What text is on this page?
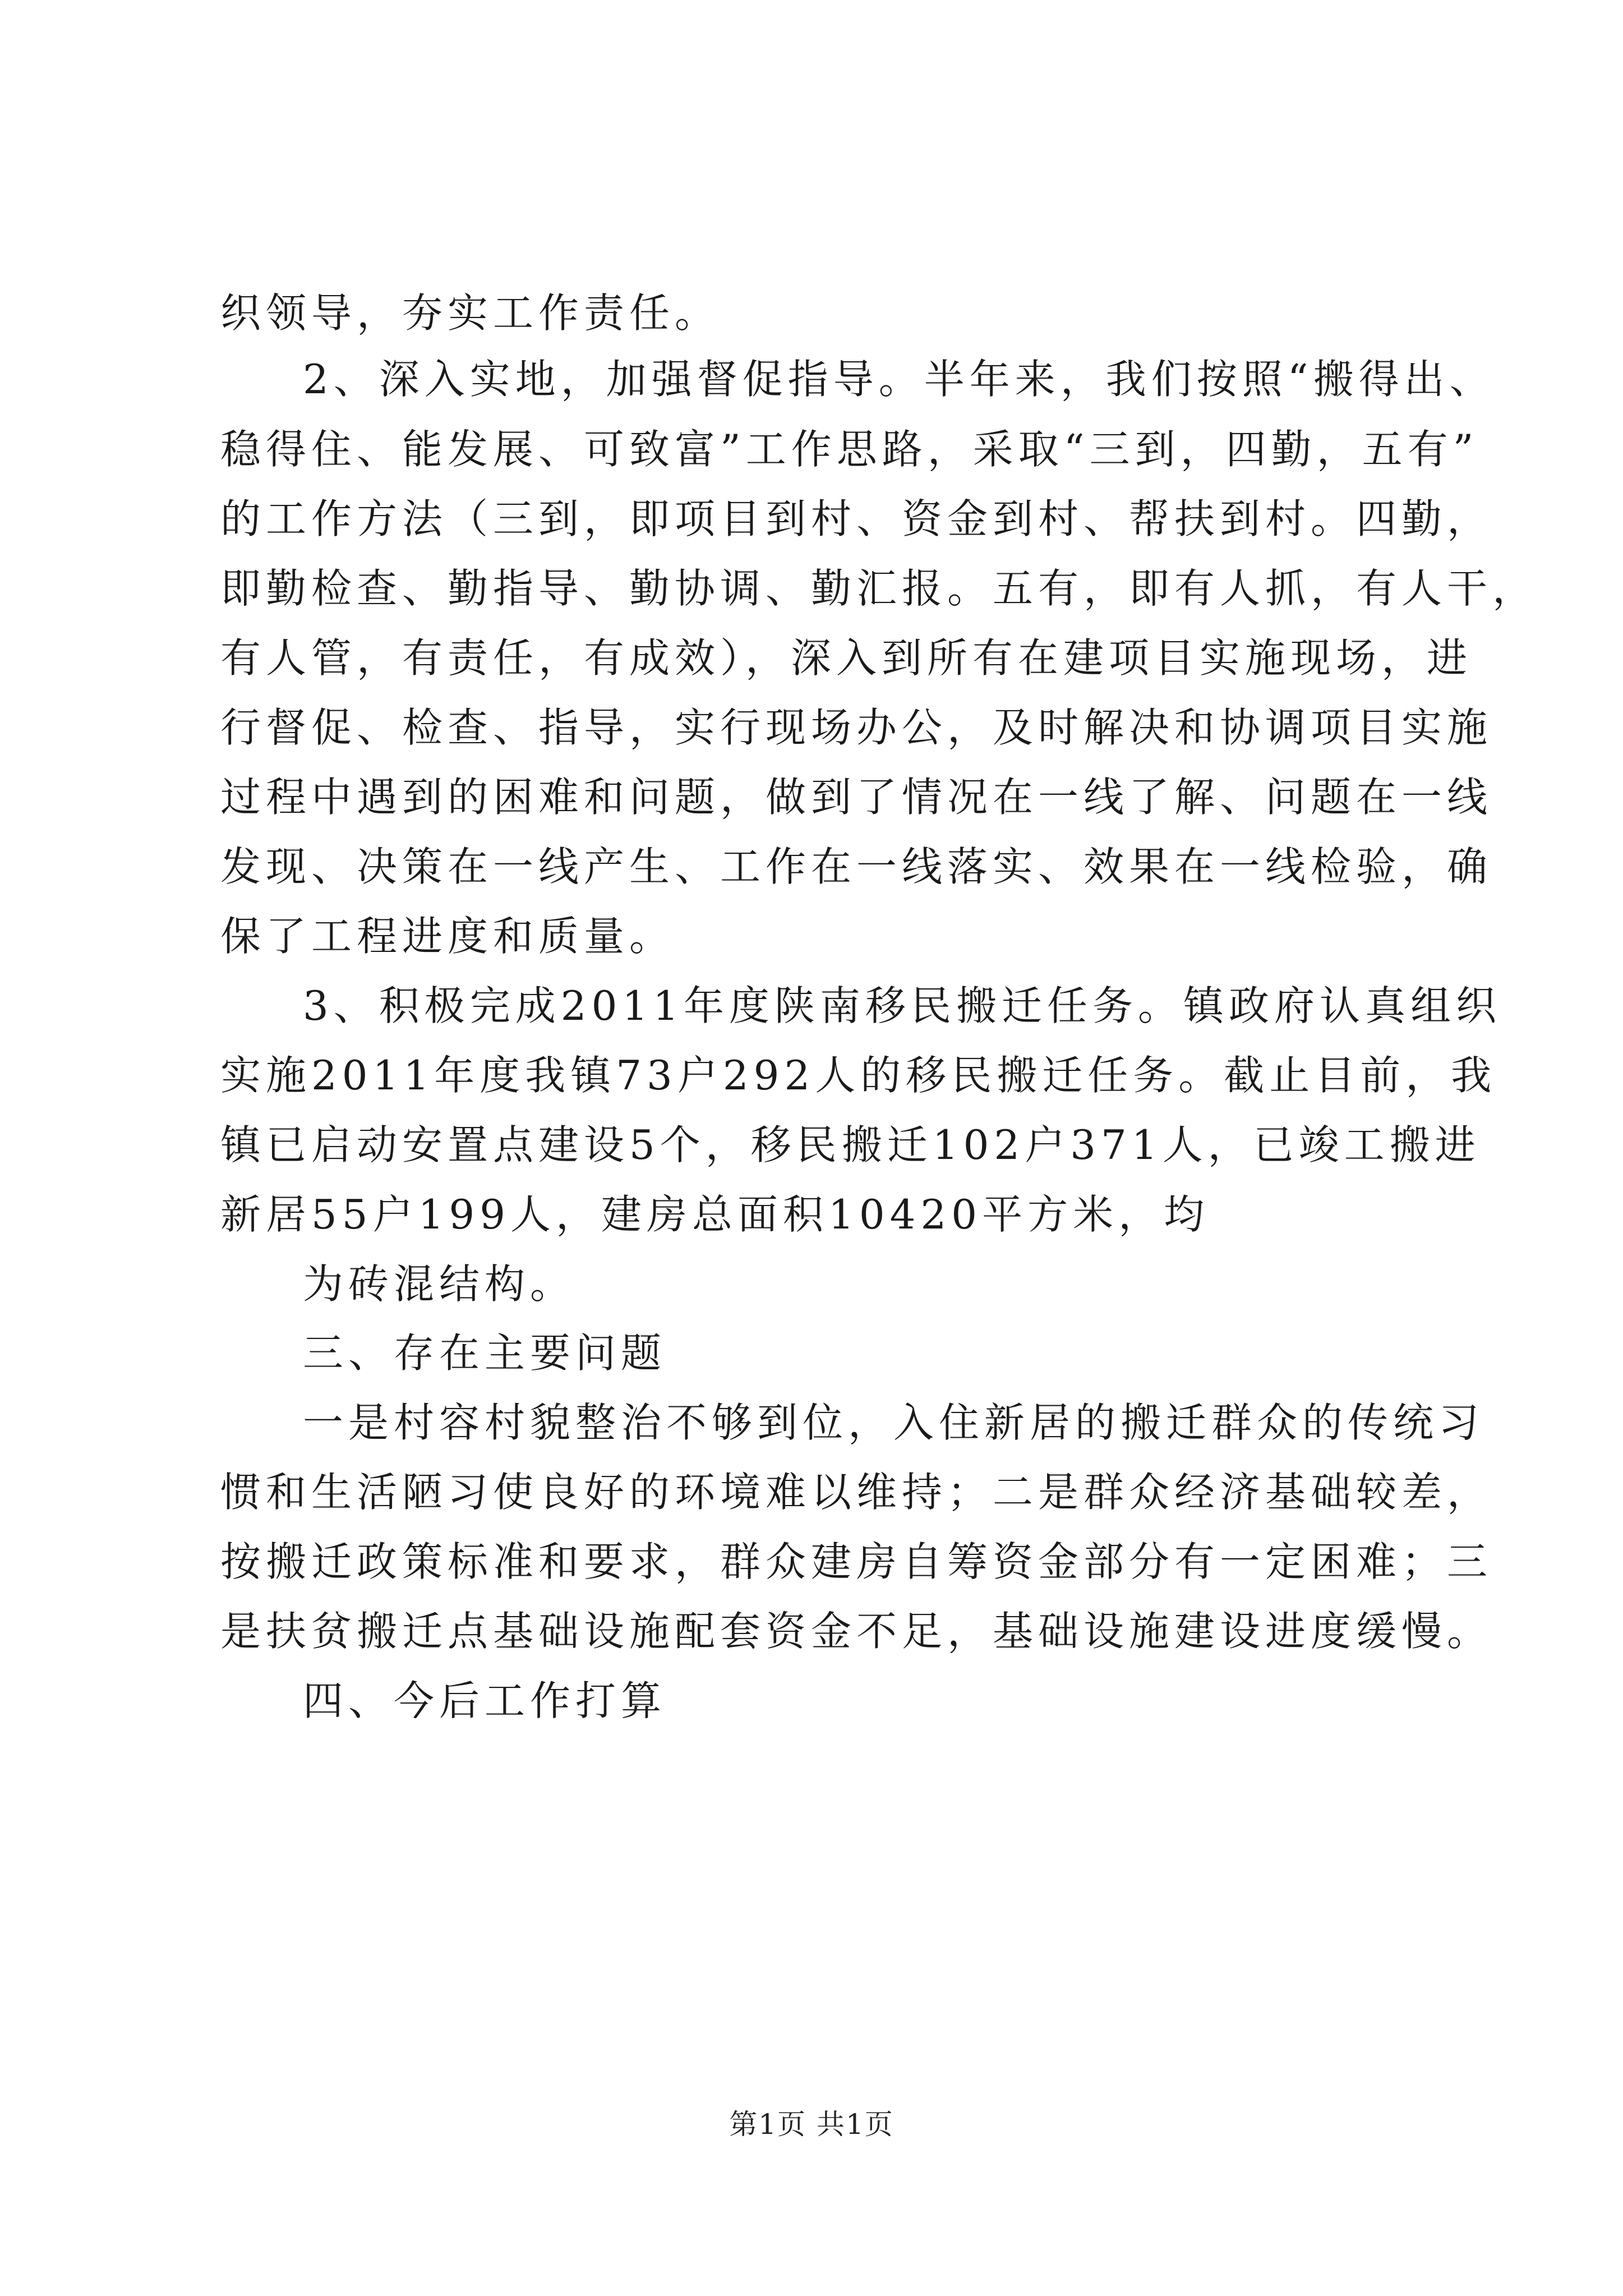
织领导，夯实工作责任。
2、深入实地，加强督促指导。半年来，我们按照“搬得出、
稳得住、能发展、可致富”工作思路，采取“三到，四勤，五有”
的工作方法（三到，即项目到村、资金到村、帮扶到村。四勤，
即勤检查、勤指导、勤协调、勤汇报。五有，即有人抓，有人干，
有人管，有责任，有成效），深入到所有在建项目实施现场，进
行督促、检查、指导，实行现场办公，及时解决和协调项目实施
过程中遇到的困难和问题，做到了情况在一线了解、问题在一线
发现、决策在一线产生、工作在一线落实、效果在一线检验，确
保了工程进度和质量。
3、积极完成2011年度陕南移民搬迁任务。镇政府认真组织
实施2011年度我镇73户292人的移民搬迁任务。截止目前，我
镇已启动安置点建设5个，移民搬迁102户371人，已竣工搬进
新居55户199人，建房总面积10420平方米，均
为砖混结构。
三、存在主要问题
一是村容村貌整治不够到位，入住新居的搬迁群众的传统习
惯和生活陋习使良好的环境难以维持；二是群众经济基础较差，
按搬迁政策标准和要求，群众建房自筹资金部分有一定困难；三
是扶贫搬迁点基础设施配套资金不足，基础设施建设进度缓慢。
四、今后工作打算
第1页 共1页
